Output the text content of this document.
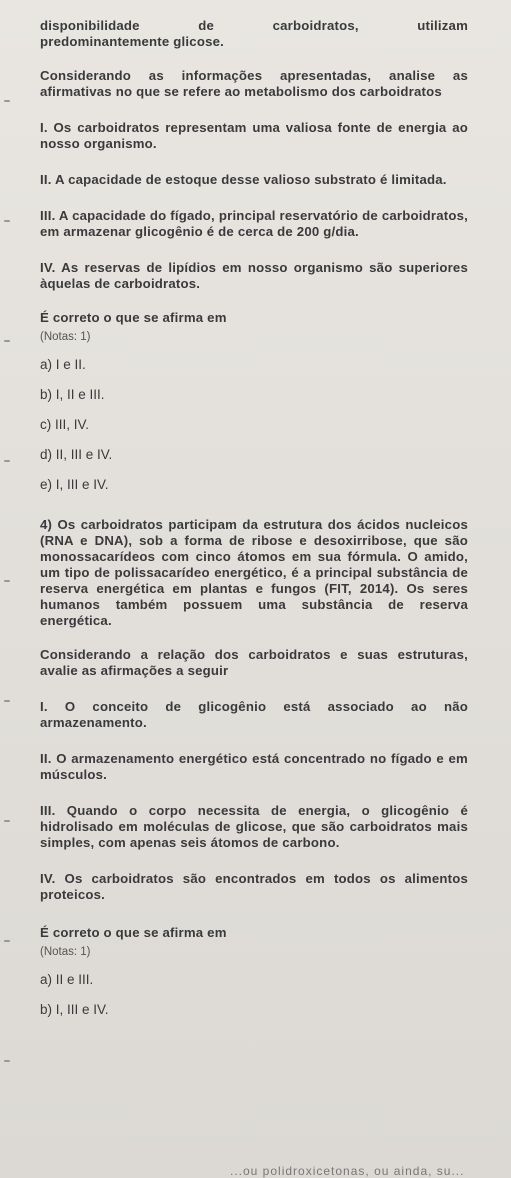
disponibilidade de carboidratos, utilizam

predominantemente glicose.

Considerando as informações apresentadas, analise as afirmativas no que se refere ao metabolismo dos carboidratos

I. Os carboidratos representam uma valiosa fonte de energia ao nosso organismo.

II. A capacidade de estoque desse valioso substrato é limitada.

III. A capacidade do fígado, principal reservatório de carboidratos, em armazenar glicogênio é de cerca de 200 g/dia.

IV. As reservas de lipídios em nosso organismo são superiores àquelas de carboidratos.

É correto o que se afirma em

(Notas: 1)

a) I e II.

b) I, II e III.

c) III, IV.

d) II, III e IV.

e) I, III e IV.

4) Os carboidratos participam da estrutura dos ácidos nucleicos (RNA e DNA), sob a forma de ribose e desoxirribose, que são monossacarídeos com cinco átomos em sua fórmula. O amido, um tipo de polissacarídeo energético, é a principal substância de reserva energética em plantas e fungos (FIT, 2014). Os seres humanos também possuem uma substância de reserva energética.

Considerando a relação dos carboidratos e suas estruturas, avalie as afirmações a seguir

I. O conceito de glicogênio está associado ao não armazenamento.

II. O armazenamento energético está concentrado no fígado e em músculos.

III. Quando o corpo necessita de energia, o glicogênio é hidrolisado em moléculas de glicose, que são carboidratos mais simples, com apenas seis átomos de carbono.

IV. Os carboidratos são encontrados em todos os alimentos proteicos.

É correto o que se afirma em

(Notas: 1)

a) II e III.

b) I, III e IV.

...ou polidroxicetonas, ou ainda, su...
